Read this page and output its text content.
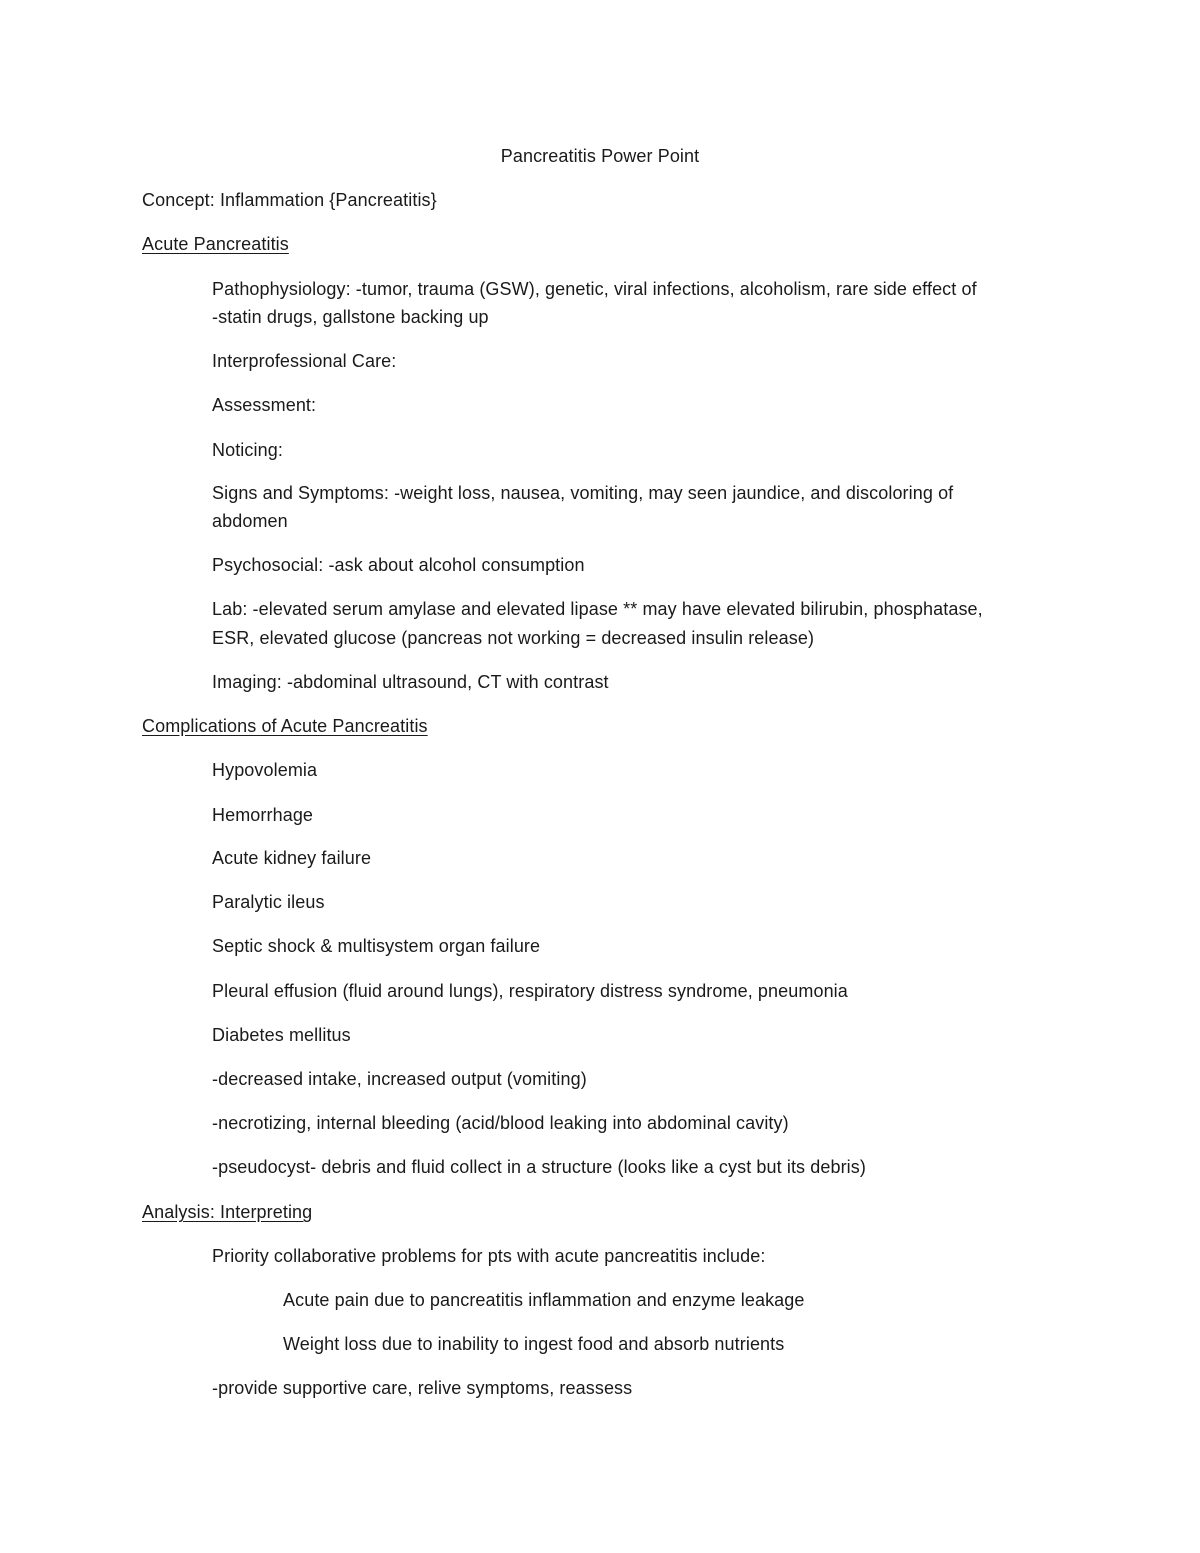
Pancreatitis Power Point
Concept: Inflammation {Pancreatitis}
Acute Pancreatitis
Pathophysiology: -tumor, trauma (GSW), genetic, viral infections, alcoholism, rare side effect of
-statin drugs, gallstone backing up
Interprofessional Care:
Assessment:
Noticing:
Signs and Symptoms: -weight loss, nausea, vomiting, may seen jaundice, and discoloring of
abdomen
Psychosocial: -ask about alcohol consumption
Lab: -elevated serum amylase and elevated lipase ** may have elevated bilirubin, phosphatase,
ESR, elevated glucose (pancreas not working = decreased insulin release)
Imaging: -abdominal ultrasound, CT with contrast
Complications of Acute Pancreatitis
Hypovolemia
Hemorrhage
Acute kidney failure
Paralytic ileus
Septic shock & multisystem organ failure
Pleural effusion (fluid around lungs), respiratory distress syndrome, pneumonia
Diabetes mellitus
-decreased intake, increased output (vomiting)
-necrotizing, internal bleeding (acid/blood leaking into abdominal cavity)
-pseudocyst- debris and fluid collect in a structure (looks like a cyst but its debris)
Analysis: Interpreting
Priority collaborative problems for pts with acute pancreatitis include:
Acute pain due to pancreatitis inflammation and enzyme leakage
Weight loss due to inability to ingest food and absorb nutrients
-provide supportive care, relive symptoms, reassess
